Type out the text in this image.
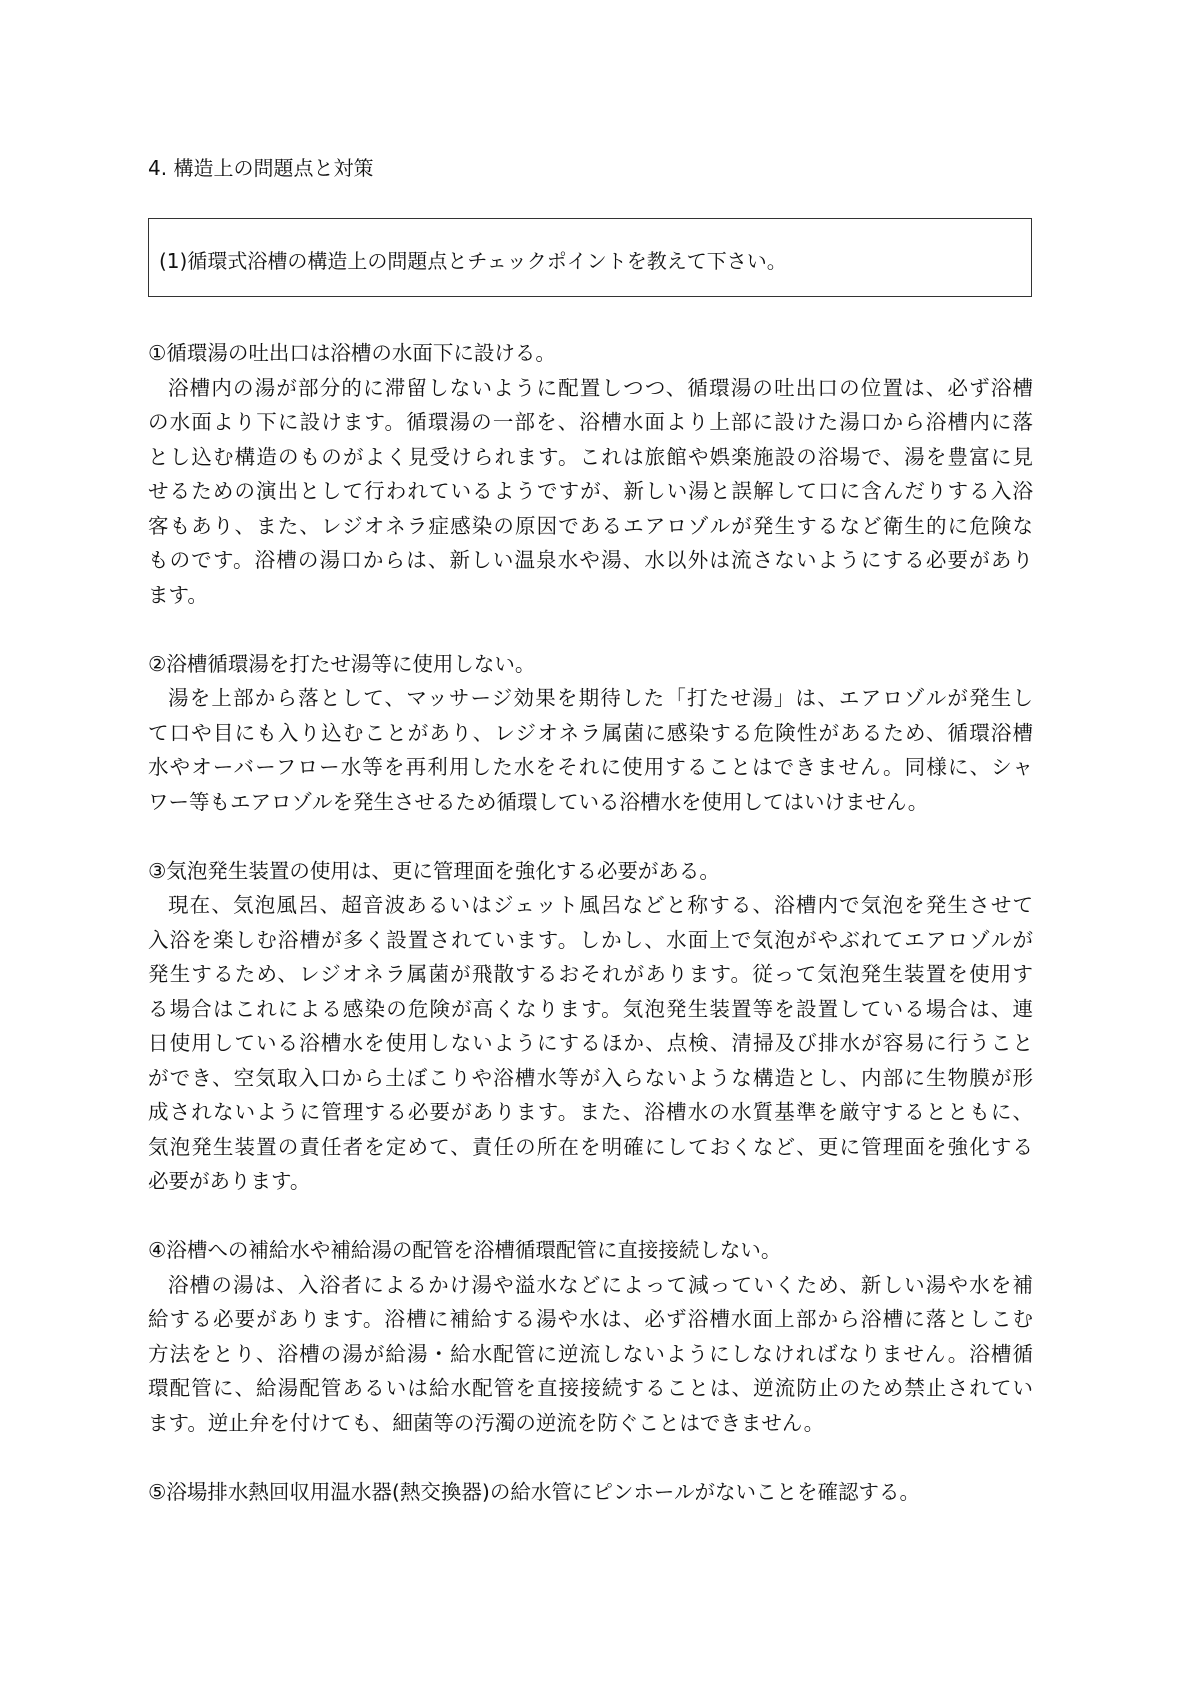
4. 構造上の問題点と対策
(1)循環式浴槽の構造上の問題点とチェックポイントを教えて下さい。
①循環湯の吐出口は浴槽の水面下に設ける。
浴槽内の湯が部分的に滞留しないように配置しつつ、循環湯の吐出口の位置は、必ず浴槽
の水面より下に設けます。循環湯の一部を、浴槽水面より上部に設けた湯口から浴槽内に落
とし込む構造のものがよく見受けられます。これは旅館や娯楽施設の浴場で、湯を豊富に見
せるための演出として行われているようですが、新しい湯と誤解して口に含んだりする入浴
客もあり、また、レジオネラ症感染の原因であるエアロゾルが発生するなど衛生的に危険な
ものです。浴槽の湯口からは、新しい温泉水や湯、水以外は流さないようにする必要があり
ます。
②浴槽循環湯を打たせ湯等に使用しない。
湯を上部から落として、マッサージ効果を期待した「打たせ湯」は、エアロゾルが発生し
て口や目にも入り込むことがあり、レジオネラ属菌に感染する危険性があるため、循環浴槽
水やオーバーフロー水等を再利用した水をそれに使用することはできません。同様に、シャ
ワー等もエアロゾルを発生させるため循環している浴槽水を使用してはいけません。
③気泡発生装置の使用は、更に管理面を強化する必要がある。
現在、気泡風呂、超音波あるいはジェット風呂などと称する、浴槽内で気泡を発生させて
入浴を楽しむ浴槽が多く設置されています。しかし、水面上で気泡がやぶれてエアロゾルが
発生するため、レジオネラ属菌が飛散するおそれがあります。従って気泡発生装置を使用す
る場合はこれによる感染の危険が高くなります。気泡発生装置等を設置している場合は、連
日使用している浴槽水を使用しないようにするほか、点検、清掃及び排水が容易に行うこと
ができ、空気取入口から土ぼこりや浴槽水等が入らないような構造とし、内部に生物膜が形
成されないように管理する必要があります。また、浴槽水の水質基準を厳守するとともに、
気泡発生装置の責任者を定めて、責任の所在を明確にしておくなど、更に管理面を強化する
必要があります。
④浴槽への補給水や補給湯の配管を浴槽循環配管に直接接続しない。
浴槽の湯は、入浴者によるかけ湯や溢水などによって減っていくため、新しい湯や水を補
給する必要があります。浴槽に補給する湯や水は、必ず浴槽水面上部から浴槽に落としこむ
方法をとり、浴槽の湯が給湯・給水配管に逆流しないようにしなければなりません。浴槽循
環配管に、給湯配管あるいは給水配管を直接接続することは、逆流防止のため禁止されてい
ます。逆止弁を付けても、細菌等の汚濁の逆流を防ぐことはできません。
⑤浴場排水熱回収用温水器(熱交換器)の給水管にピンホールがないことを確認する。
